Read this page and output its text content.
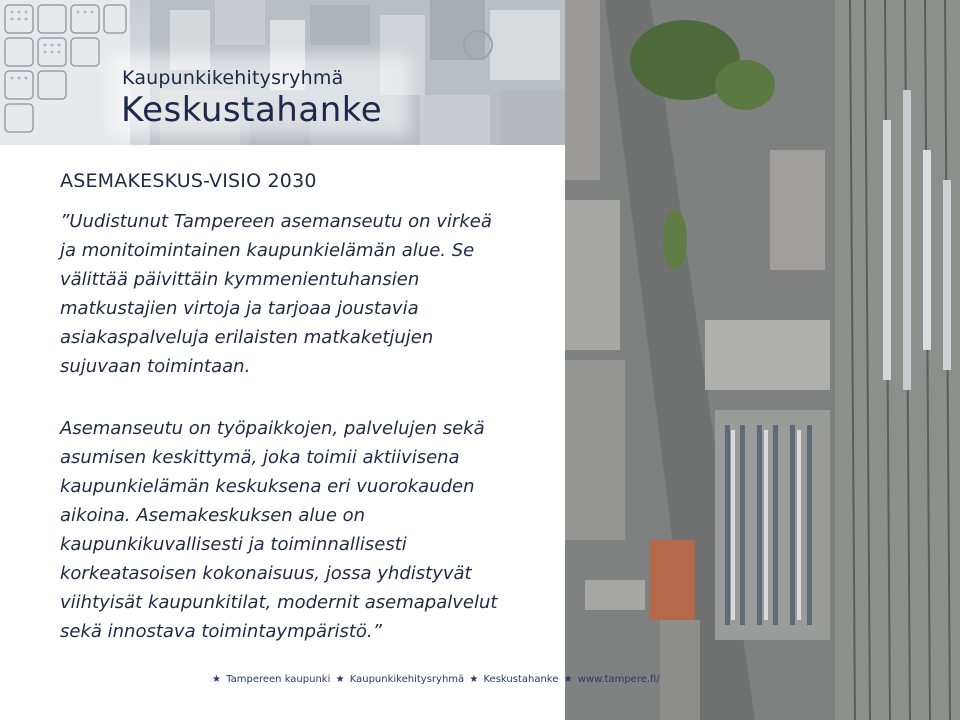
Kaupunkikehitysryhmä
Keskustahanke
ASEMAKESKUS-VISIO 2030

”Uudistunut Tampereen asemanseutu on virkeä
ja monitoimintainen kaupunkielämän alue. Se
välittää päivittäin kymmenientuhansien
matkustajien virtoja ja tarjoaa joustavia
asiakaspalveluja erilaisten matkaketjujen
sujuvaan toimintaan.

Asemanseutu on työpaikkojen, palvelujen sekä
asumisen keskittymä, joka toimii aktiivisena
kaupunkielämän keskuksena eri vuorokauden
aikoina. Asemakeskuksen alue on
kaupunkikuvallisesti ja toiminnallisesti
korkeatasoisen kokonaisuus, jossa yhdistyvät
viihtyisät kaupunkitilat, modernit asemapalvelut
sekä innostava toimintaympäristö.”

★ Tampereen kaupunki ★ Kaupunkikehitysryhmä ★ Keskustahanke ★ www.tampere.fi/
